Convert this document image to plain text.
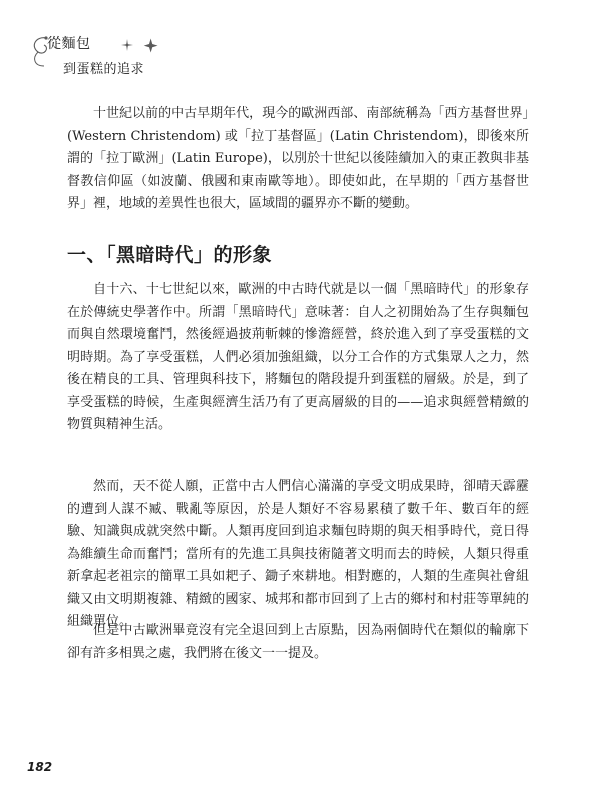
從麵包
到蛋糕的追求

十世紀以前的中古早期年代，現今的歐洲西部、南部統稱為「西方基督世界」(Western Christendom) 或「拉丁基督區」(Latin Christendom)，即後來所謂的「拉丁歐洲」(Latin Europe)，以別於十世紀以後陸續加入的東正教與非基督教信仰區（如波蘭、俄國和東南歐等地）。即使如此，在早期的「西方基督世界」裡，地域的差異性也很大，區域間的疆界亦不斷的變動。

一、「黑暗時代」的形象

自十六、十七世紀以來，歐洲的中古時代就是以一個「黑暗時代」的形象存在於傳統史學著作中。所謂「黑暗時代」意味著：自人之初開始為了生存與麵包而與自然環境奮鬥，然後經過披荊斬棘的慘澹經營，終於進入到了享受蛋糕的文明時期。為了享受蛋糕，人們必須加強組織，以分工合作的方式集眾人之力，然後在精良的工具、管理與科技下，將麵包的階段提升到蛋糕的層級。於是，到了享受蛋糕的時候，生產與經濟生活乃有了更高層級的目的——追求與經營精緻的物質與精神生活。

然而，天不從人願，正當中古人們信心滿滿的享受文明成果時，卻晴天霹靂的遭到人謀不臧、戰亂等原因，於是人類好不容易累積了數千年、數百年的經驗、知識與成就突然中斷。人類再度回到追求麵包時期的與天相爭時代，竟日得為維續生命而奮鬥；當所有的先進工具與技術隨著文明而去的時候，人類只得重新拿起老祖宗的簡單工具如耙子、鋤子來耕地。相對應的，人類的生產與社會組織又由文明期複雜、精緻的國家、城邦和都市回到了上古的鄉村和村莊等單純的組織單位。

但是中古歐洲畢竟沒有完全退回到上古原點，因為兩個時代在類似的輪廓下卻有許多相異之處，我們將在後文一一提及。

182
